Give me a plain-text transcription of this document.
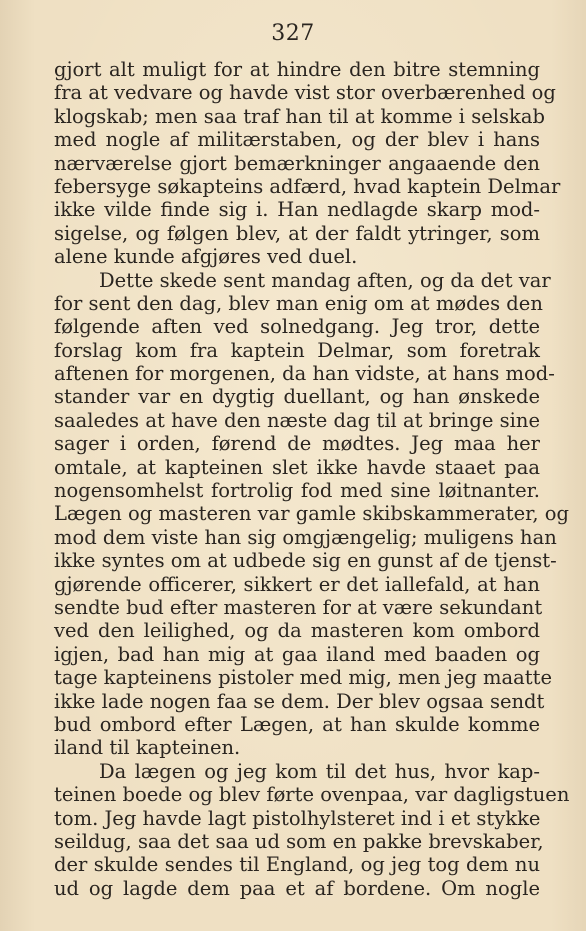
327
gjort alt muligt for at hindre den bitre stemning
fra at vedvare og havde vist stor overbærenhed og
klogskab; men saa traf han til at komme i selskab
med nogle af militærstaben, og der blev i hans
nærværelse gjort bemærkninger angaaende den
febersyge søkapteins adfærd, hvad kaptein Delmar
ikke vilde finde sig i. Han nedlagde skarp mod-
sigelse, og følgen blev, at der faldt ytringer, som
alene kunde afgjøres ved duel.
Dette skede sent mandag aften, og da det var
for sent den dag, blev man enig om at mødes den
følgende aften ved solnedgang. Jeg tror, dette
forslag kom fra kaptein Delmar, som foretrak
aftenen for morgenen, da han vidste, at hans mod-
stander var en dygtig duellant, og han ønskede
saaledes at have den næste dag til at bringe sine
sager i orden, førend de mødtes. Jeg maa her
omtale, at kapteinen slet ikke havde staaet paa
nogensomhelst fortrolig fod med sine løitnanter.
Lægen og masteren var gamle skibskammerater, og
mod dem viste han sig omgjængelig; muligens han
ikke syntes om at udbede sig en gunst af de tjenst-
gjørende officerer, sikkert er det iallefald, at han
sendte bud efter masteren for at være sekundant
ved den leilighed, og da masteren kom ombord
igjen, bad han mig at gaa iland med baaden og
tage kapteinens pistoler med mig, men jeg maatte
ikke lade nogen faa se dem. Der blev ogsaa sendt
bud ombord efter Lægen, at han skulde komme
iland til kapteinen.
Da lægen og jeg kom til det hus, hvor kap-
teinen boede og blev førte ovenpaa, var dagligstuen
tom. Jeg havde lagt pistolhylsteret ind i et stykke
seildug, saa det saa ud som en pakke brevskaber,
der skulde sendes til England, og jeg tog dem nu
ud og lagde dem paa et af bordene. Om nogle
